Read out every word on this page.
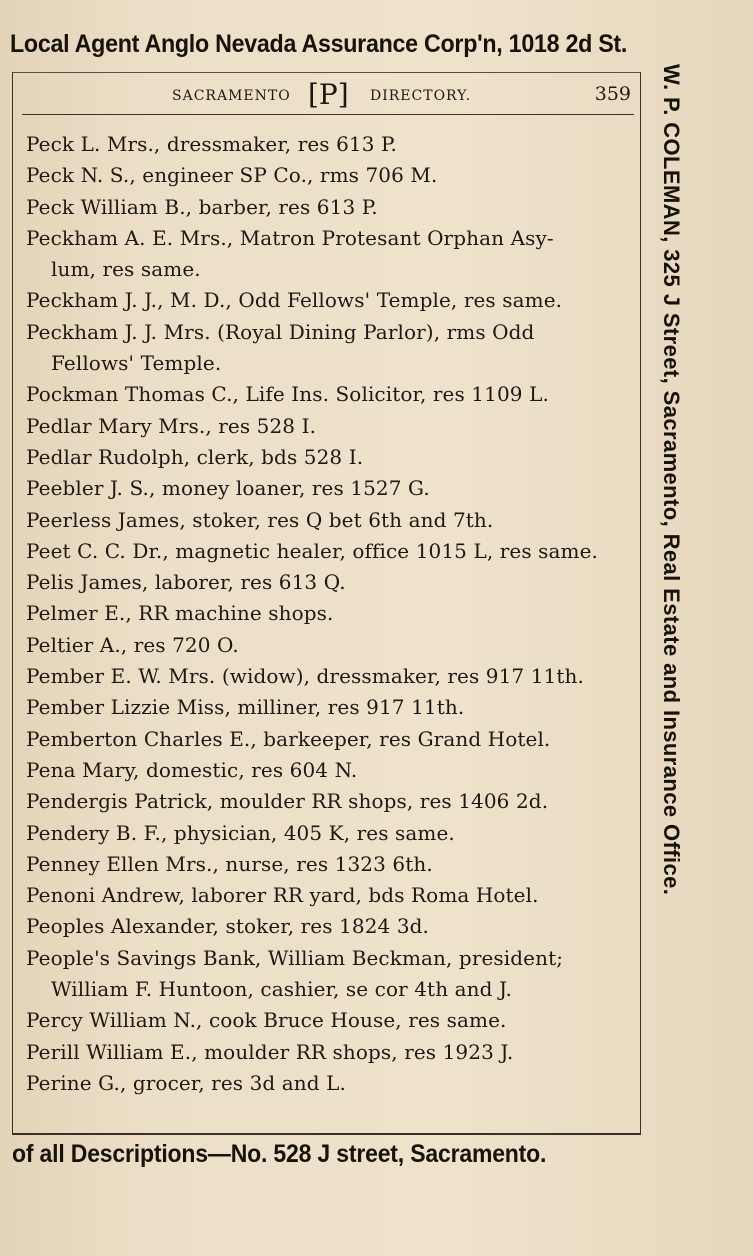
Local Agent Anglo Nevada Assurance Corp'n, 1018 2d St.
SACRAMENTO [P] DIRECTORY.	359
Peck L. Mrs., dressmaker, res 613 P.
Peck N. S., engineer SP Co., rms 706 M.
Peck William B., barber, res 613 P.
Peckham A. E. Mrs., Matron Protesant Orphan Asy-
lum, res same.
Peckham J. J., M. D., Odd Fellows' Temple, res same.
Peckham J. J. Mrs. (Royal Dining Parlor), rms Odd
Fellows' Temple.
Pockman Thomas C., Life Ins. Solicitor, res 1109 L.
Pedlar Mary Mrs., res 528 I.
Pedlar Rudolph, clerk, bds 528 I.
Peebler J. S., money loaner, res 1527 G.
Peerless James, stoker, res Q bet 6th and 7th.
Peet C. C. Dr., magnetic healer, office 1015 L, res same.
Pelis James, laborer, res 613 Q.
Pelmer E., RR machine shops.
Peltier A., res 720 O.
Pember E. W. Mrs. (widow), dressmaker, res 917 11th.
Pember Lizzie Miss, milliner, res 917 11th.
Pemberton Charles E., barkeeper, res Grand Hotel.
Pena Mary, domestic, res 604 N.
Pendergis Patrick, moulder RR shops, res 1406 2d.
Pendery B. F., physician, 405 K, res same.
Penney Ellen Mrs., nurse, res 1323 6th.
Penoni Andrew, laborer RR yard, bds Roma Hotel.
Peoples Alexander, stoker, res 1824 3d.
People's Savings Bank, William Beckman, president;
William F. Huntoon, cashier, se cor 4th and J.
Percy William N., cook Bruce House, res same.
Perill William E., moulder RR shops, res 1923 J.
Perine G., grocer, res 3d and L.
W. P. COLEMAN, 325 J Street, Sacramento, Real Estate and Insurance Office.
of all Descriptions—No. 528 J street, Sacramento.
